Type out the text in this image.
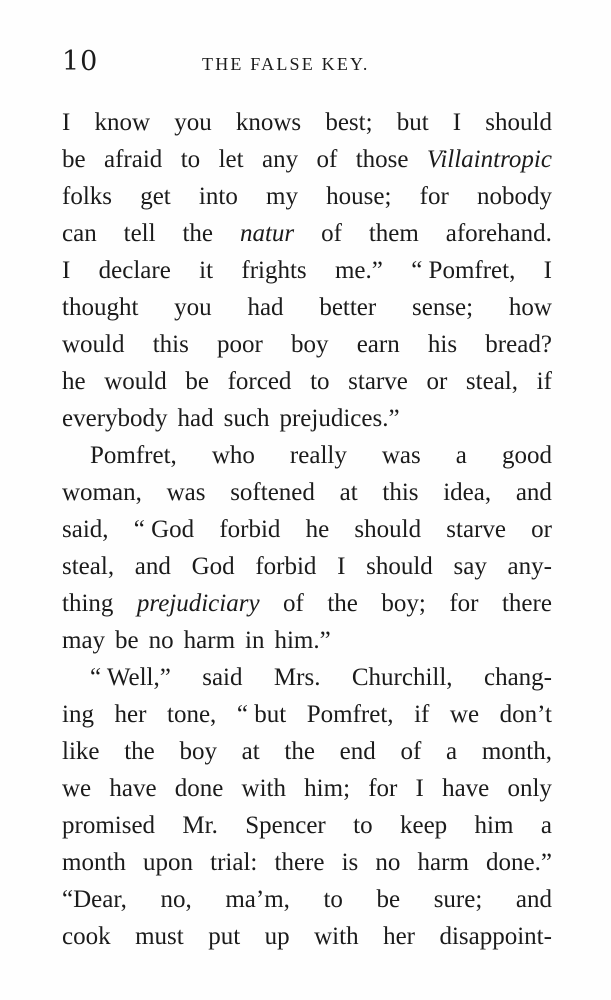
10	THE FALSE KEY.
I know you knows best; but I should
be afraid to let any of those Villaintropic
folks get into my house; for nobody
can tell the natur of them aforehand.
I declare it frights me.” “ Pomfret, I
thought you had better sense; how
would this poor boy earn his bread?
he would be forced to starve or steal, if
everybody had such prejudices.”
Pomfret, who really was a good
woman, was softened at this idea, and
said, “ God forbid he should starve or
steal, and God forbid I should say any-
thing prejudiciary of the boy; for there
may be no harm in him.”
“ Well,” said Mrs. Churchill, chang-
ing her tone, “ but Pomfret, if we don’t
like the boy at the end of a month,
we have done with him; for I have only
promised Mr. Spencer to keep him a
month upon trial: there is no harm done.”
“Dear, no, ma’m, to be sure; and
cook must put up with her disappoint-
